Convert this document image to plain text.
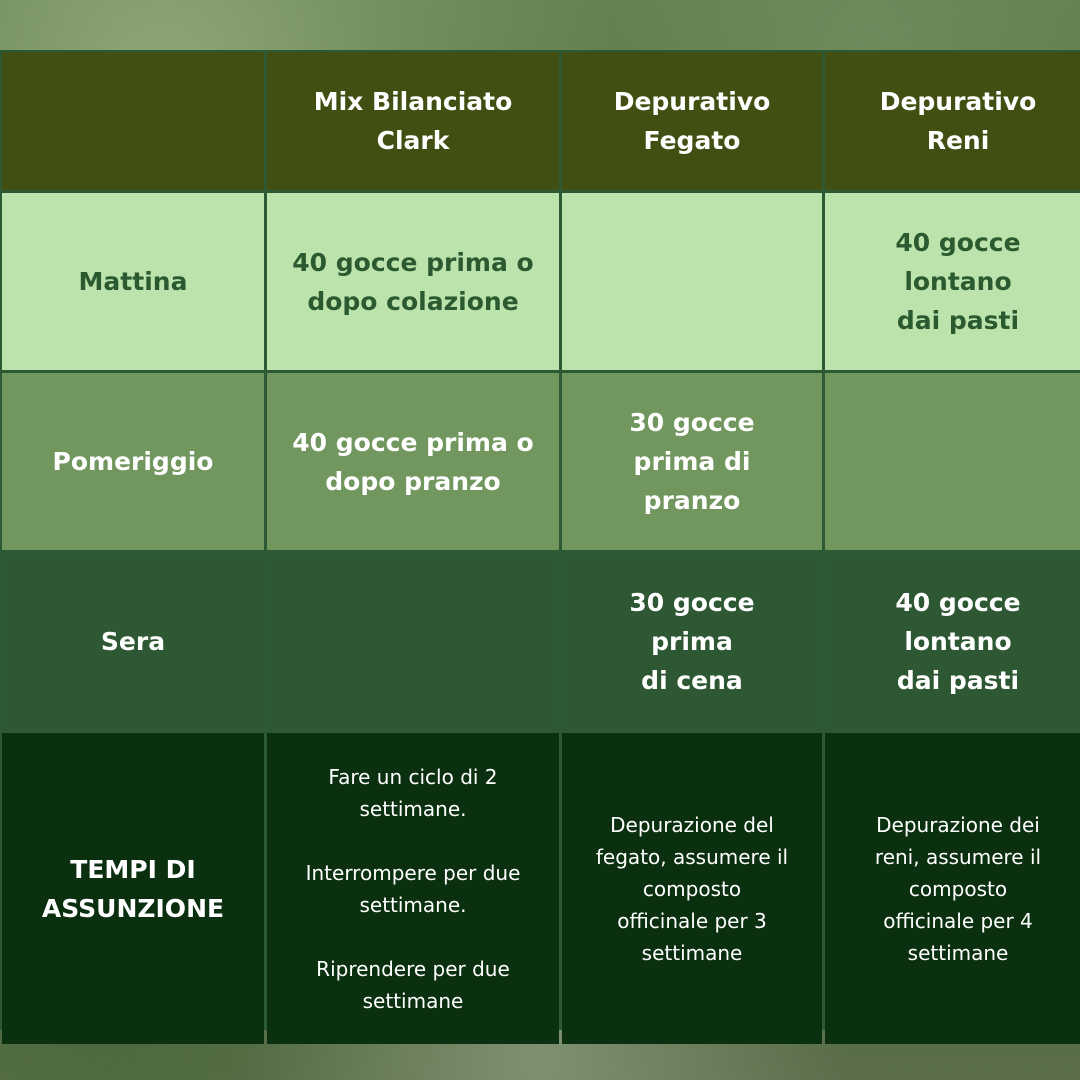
Mix Bilanciato
Clark
Depurativo
Fegato
Depurativo
Reni
Mattina
40 gocce prima o
dopo colazione
40 gocce
lontano
dai pasti
Pomeriggio
40 gocce prima o
dopo pranzo
30 gocce
prima di
pranzo
Sera
30 gocce
prima
di cena
40 gocce
lontano
dai pasti
TEMPI DI
ASSUNZIONE
Fare un ciclo di 2
settimane.
Interrompere per due
settimane.
Riprendere per due
settimane
Depurazione del
fegato, assumere il
composto
officinale per 3
settimane
Depurazione dei
reni, assumere il
composto
officinale per 4
settimane
